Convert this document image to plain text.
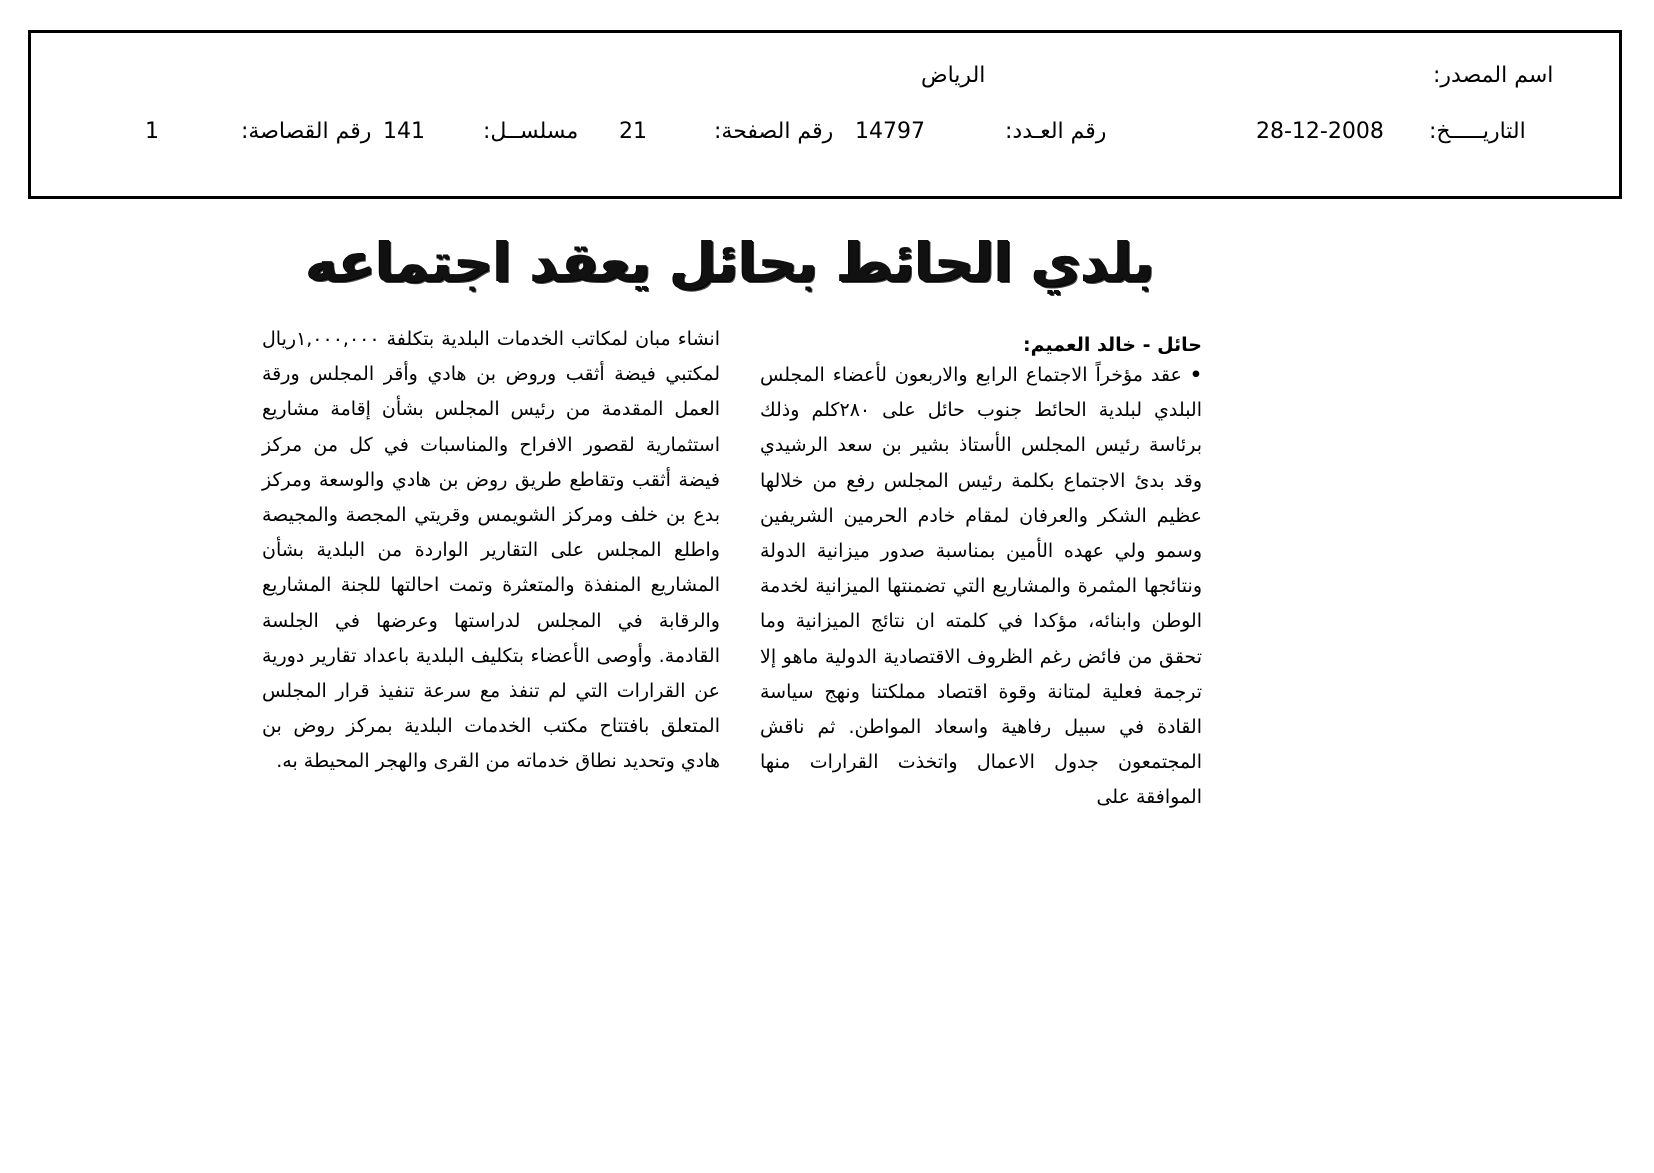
اسم المصدر:
الرياض
التاريـــــخ:
28-12-2008
رقم العـدد:
14797
رقم الصفحة:
21
مسلســل:
141
رقم القصاصة:
1
بلدي الحائط بحائل يعقد اجتماعه
حائل - خالد العميم:
• عقد مؤخراً الاجتماع الرابع والاربعون لأعضاء المجلس البلدي لبلدية الحائط جنوب حائل على ٢٨٠كلم وذلك برئاسة رئيس المجلس الأستاذ بشير بن سعد الرشيدي وقد بدئ الاجتماع بكلمة رئيس المجلس رفع من خلالها عظيم الشكر والعرفان لمقام خادم الحرمين الشريفين وسمو ولي عهده الأمين بمناسبة صدور ميزانية الدولة ونتائجها المثمرة والمشاريع التي تضمنتها الميزانية لخدمة الوطن وابنائه، مؤكدا في كلمته ان نتائج الميزانية وما تحقق من فائض رغم الظروف الاقتصادية الدولية ماهو إلا ترجمة فعلية لمتانة وقوة اقتصاد مملكتنا ونهج سياسة القادة في سبيل رفاهية واسعاد المواطن. ثم ناقش المجتمعون جدول الاعمال واتخذت القرارات منها الموافقة على
انشاء مبان لمكاتب الخدمات البلدية بتكلفة ١,٠٠٠,٠٠٠ريال لمكتبي فيضة أثقب وروض بن هادي وأقر المجلس ورقة العمل المقدمة من رئيس المجلس بشأن إقامة مشاريع استثمارية لقصور الافراح والمناسبات في كل من مركز فيضة أثقب وتقاطع طريق روض بن هادي والوسعة ومركز بدع بن خلف ومركز الشويمس وقريتي المجصة والمجيصة واطلع المجلس على التقارير الواردة من البلدية بشأن المشاريع المنفذة والمتعثرة وتمت احالتها للجنة المشاريع والرقابة في المجلس لدراستها وعرضها في الجلسة القادمة. وأوصى الأعضاء بتكليف البلدية باعداد تقارير دورية عن القرارات التي لم تنفذ مع سرعة تنفيذ قرار المجلس المتعلق بافتتاح مكتب الخدمات البلدية بمركز روض بن هادي وتحديد نطاق خدماته من القرى والهجر المحيطة به.
